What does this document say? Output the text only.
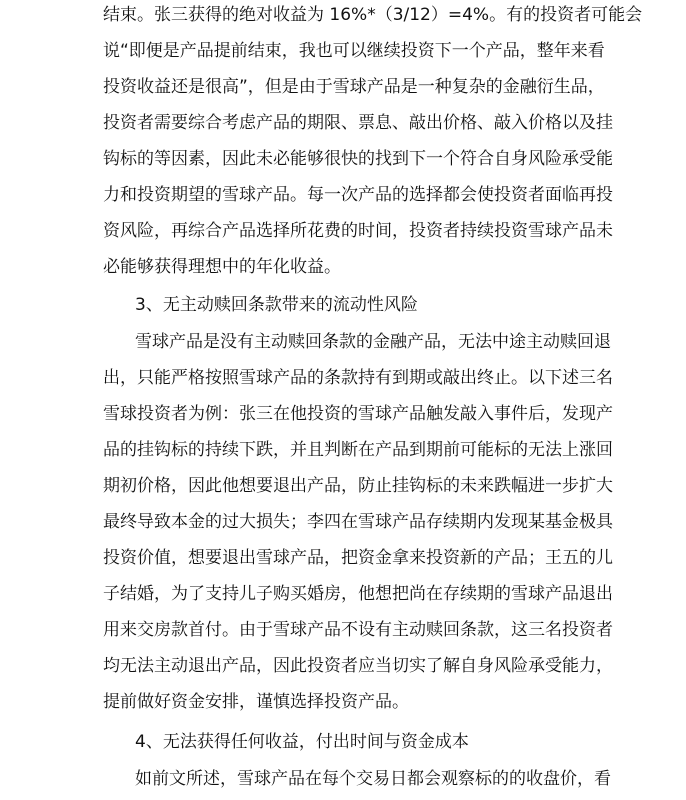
结束。张三获得的绝对收益为 16%*（3/12）=4%。有的投资者可能会
说“即便是产品提前结束，我也可以继续投资下一个产品，整年来看
投资收益还是很高”，但是由于雪球产品是一种复杂的金融衍生品，
投资者需要综合考虑产品的期限、票息、敲出价格、敲入价格以及挂
钩标的等因素，因此未必能够很快的找到下一个符合自身风险承受能
力和投资期望的雪球产品。每一次产品的选择都会使投资者面临再投
资风险，再综合产品选择所花费的时间，投资者持续投资雪球产品未
必能够获得理想中的年化收益。
3、无主动赎回条款带来的流动性风险
雪球产品是没有主动赎回条款的金融产品，无法中途主动赎回退
出，只能严格按照雪球产品的条款持有到期或敲出终止。以下述三名
雪球投资者为例：张三在他投资的雪球产品触发敲入事件后，发现产
品的挂钩标的持续下跌，并且判断在产品到期前可能标的无法上涨回
期初价格，因此他想要退出产品，防止挂钩标的未来跌幅进一步扩大
最终导致本金的过大损失；李四在雪球产品存续期内发现某基金极具
投资价值，想要退出雪球产品，把资金拿来投资新的产品；王五的儿
子结婚，为了支持儿子购买婚房，他想把尚在存续期的雪球产品退出
用来交房款首付。由于雪球产品不设有主动赎回条款，这三名投资者
均无法主动退出产品，因此投资者应当切实了解自身风险承受能力，
提前做好资金安排，谨慎选择投资产品。
4、无法获得任何收益，付出时间与资金成本
如前文所述，雪球产品在每个交易日都会观察标的的收盘价，看
